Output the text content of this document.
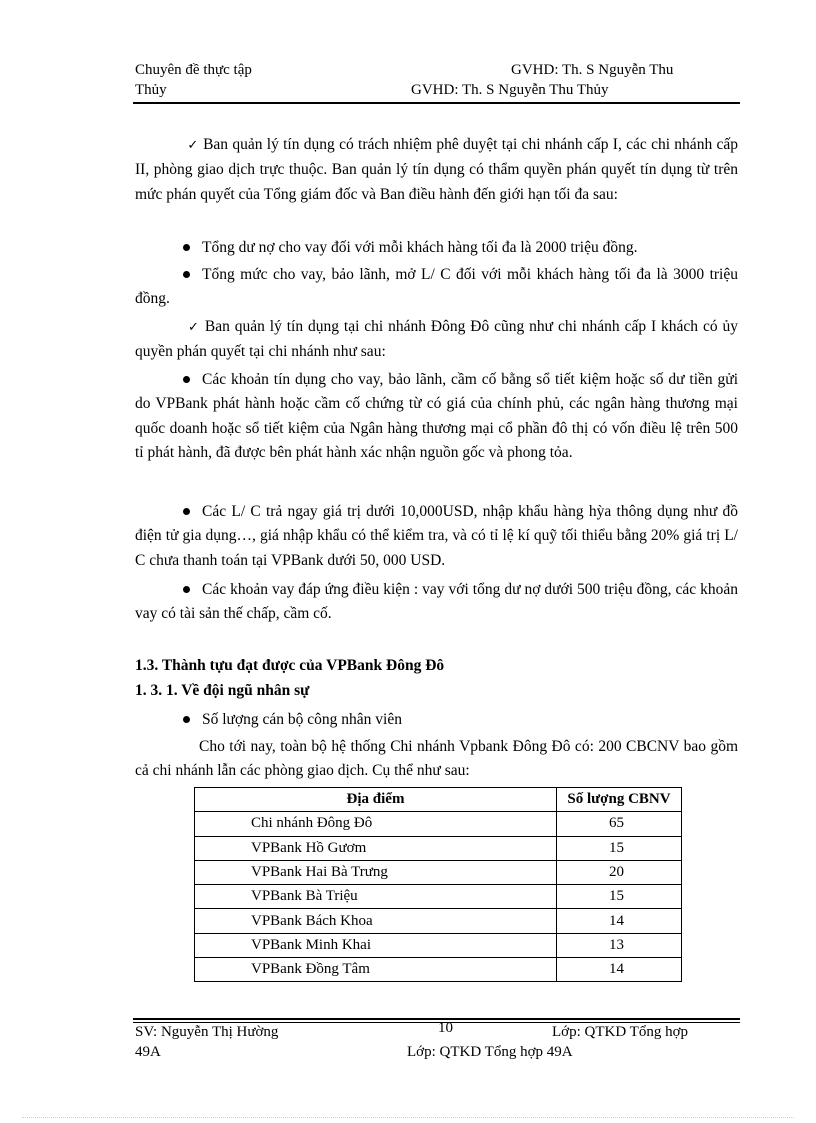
Chuyên đề thực tập	GVHD: Th. S Nguyễn Thu
Thủy	GVHD: Th. S Nguyễn Thu Thủy
✓ Ban quản lý tín dụng có trách nhiệm phê duyệt tại chi nhánh cấp I, các chi nhánh cấp II, phòng giao dịch trực thuộc. Ban quản lý tín dụng có thẩm quyền phán quyết tín dụng từ trên mức phán quyết của Tổng giám đốc và Ban điều hành đến giới hạn tối đa sau:
Tổng dư nợ cho vay đối với mỗi khách hàng tối đa là 2000 triệu đồng.
Tổng mức cho vay, bảo lãnh, mở L/ C đối với mỗi khách hàng tối đa là 3000 triệu đồng.
✓ Ban quản lý tín dụng tại chi nhánh Đông Đô cũng như chi nhánh cấp I khách có ủy quyền phán quyết tại chi nhánh như sau:
Các khoản tín dụng cho vay, bảo lãnh, cầm cố bằng sổ tiết kiệm hoặc số dư tiền gửi do VPBank phát hành hoặc cầm cố chứng từ có giá của chính phủ, các ngân hàng thương mại quốc doanh hoặc sổ tiết kiệm của Ngân hàng thương mại cổ phần đô thị có vốn điều lệ trên 500 tỉ phát hành, đã được bên phát hành xác nhận nguồn gốc và phong tỏa.
Các L/ C trả ngay giá trị dưới 10,000USD, nhập khẩu hàng hỳa thông dụng như đồ điện tử gia dụng…, giá nhập khẩu có thể kiểm tra, và có tỉ lệ kí quỹ tối thiểu bằng 20% giá trị L/ C chưa thanh toán tại VPBank dưới 50, 000 USD.
Các khoản vay đáp ứng điều kiện : vay với tổng dư nợ dưới 500 triệu đồng, các khoản vay có tài sản thế chấp, cầm cố.
1.3. Thành tựu đạt được của VPBank Đông Đô
1. 3. 1. Về đội ngũ nhân sự
Số lượng cán bộ công nhân viên
Cho tới nay, toàn bộ hệ thống Chi nhánh Vpbank Đông Đô có: 200 CBCNV bao gồm cả chi nhánh lẫn các phòng giao dịch. Cụ thể như sau:
Địa điểm	Số lượng CBNV
Chi nhánh Đông Đô	65
VPBank Hồ Gươm	15
VPBank Hai Bà Trưng	20
VPBank Bà Triệu	15
VPBank Bách Khoa	14
VPBank Minh Khai	13
VPBank Đồng Tâm	14
SV: Nguyễn Thị Hường	10	Lớp: QTKD Tổng hợp
49A	Lớp: QTKD Tổng hợp 49A
